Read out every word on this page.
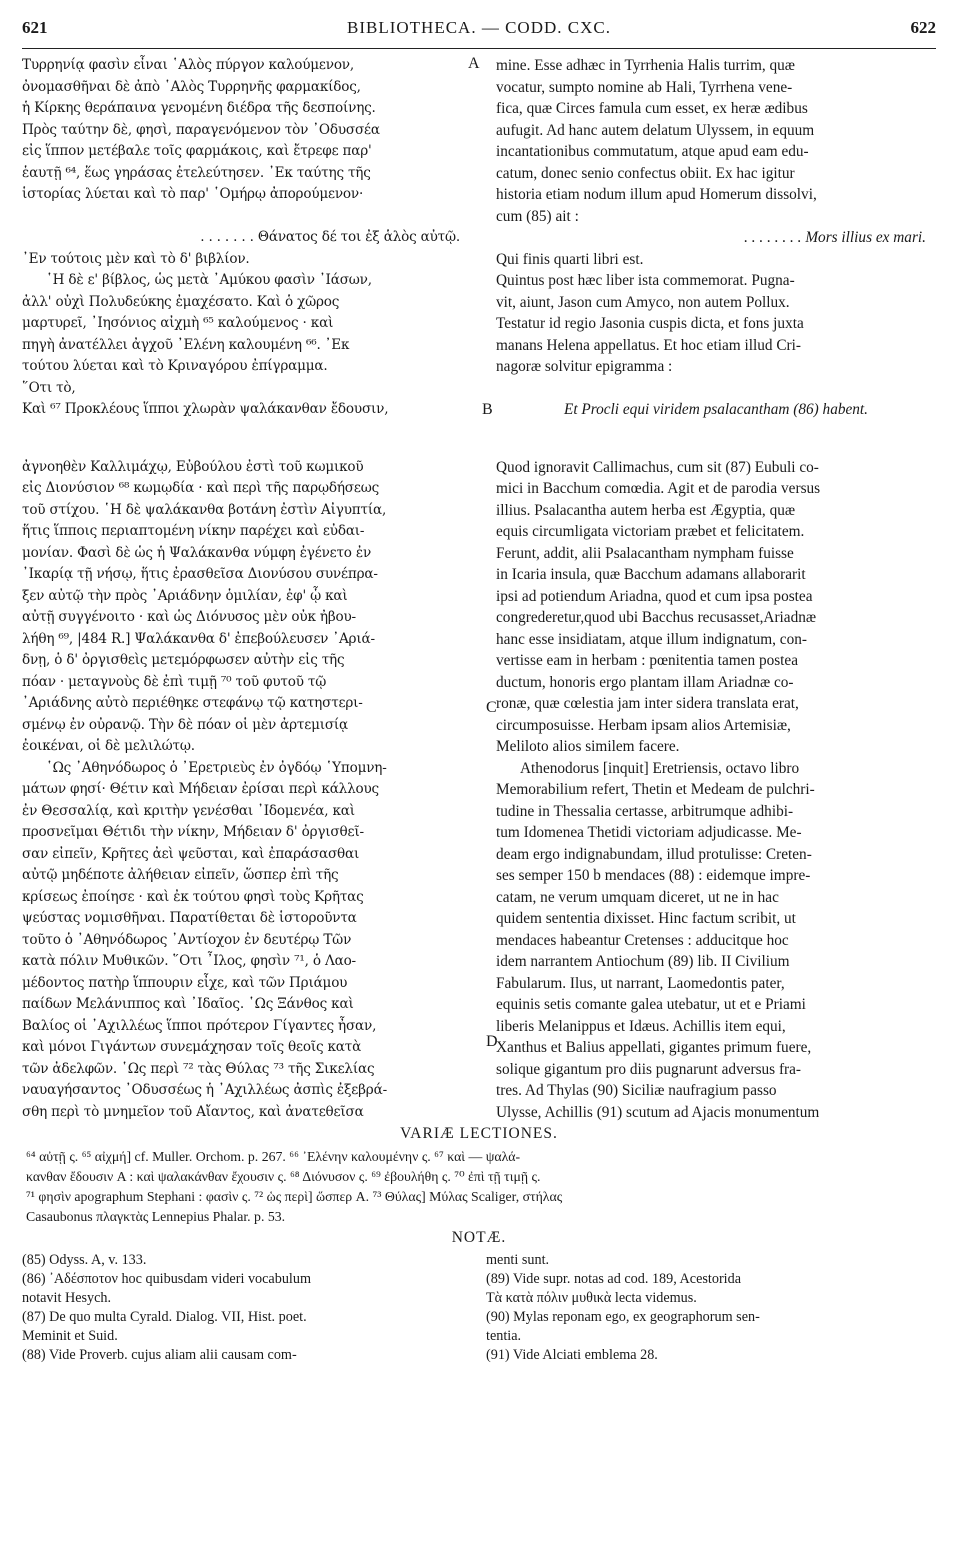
621	BIBLIOTHECA. — CODD. CXC.	622
A
B
Τυρρηνίᾳ φασὶν εἶναι ῾Αλὸς πύργον καλούμενον,
ὀνομασθῆναι δὲ ἀπὸ ῾Αλὸς Τυρρηνῆς φαρμακίδος,
ἡ Κίρκης θεράπαινα γενομένη διέδρα τῆς δεσποίνης.
Πρὸς ταύτην δὲ, φησὶ, παραγενόμενον τὸν ᾿Οδυσσέα
εἰς ἵππον μετέβαλε τοῖς φαρμάκοις, καὶ ἔτρεφε παρ'
ἑαυτῇ ⁶⁴, ἕως γηράσας ἐτελεύτησεν. ᾿Εκ ταύτης τῆς
ἱστορίας λύεται καὶ τὸ παρ' ῾Ομήρῳ ἀπορούμενον·
. . . . . . . Θάνατος δέ τοι ἐξ ἁλὸς αὐτῷ.
᾿Εν τούτοις μὲν καὶ τὸ δ' βιβλίον.
῾Η δὲ ε' βίβλος, ὡς μετὰ ᾿Αμύκου φασὶν ᾿Ιάσων,
ἀλλ' οὐχὶ Πολυδεύκης ἐμαχέσατο. Καὶ ὁ χῶρος
μαρτυρεῖ, ᾿Ιησόνιος αἰχμὴ ⁶⁵ καλούμενος · καὶ
πηγὴ ἀνατέλλει ἀγχοῦ ᾿Ελένη καλουμένη ⁶⁶. ᾿Εκ
τούτου λύεται καὶ τὸ Κριναγόρου ἐπίγραμμα.
῞Οτι τὸ,
Καὶ ⁶⁷ Προκλέους ἵπποι χλωρὰν ψαλάκανθαν ἔδουσιν,
mine. Esse adhæc in Tyrrhenia Halis turrim, quæ
vocatur, sumpto nomine ab Hali, Tyrrhena vene-
fica, quæ Circes famula cum esset, ex heræ ædibus
aufugit. Ad hanc autem delatum Ulyssem, in equum
incantationibus commutatum, atque apud eam edu-
catum, donec senio confectus obiit. Ex hac igitur
historia etiam nodum illum apud Homerum dissolvi,
cum (85) ait :
. . . . . . . . Mors illius ex mari.
Qui finis quarti libri est.
Quintus post hæc liber ista commemorat. Pugna-
vit, aiunt, Jason cum Amyco, non autem Pollux.
Testatur id regio Jasonia cuspis dicta, et fons juxta
manans Helena appellatus. Et hoc etiam illud Cri-
nagoræ solvitur epigramma :
Et Procli equi viridem psalacantham (86) habent.
C
D
ἀγνοηθὲν Καλλιμάχῳ, Εὐβούλου ἐστὶ τοῦ κωμικοῦ
εἰς Διονύσιον ⁶⁸ κωμῳδία · καὶ περὶ τῆς παρῳδήσεως
τοῦ στίχου. ῾Η δὲ ψαλάκανθα βοτάνη ἐστὶν Αἰγυπτία,
ἥτις ἵπποις περιαπτομένη νίκην παρέχει καὶ εὐδαι-
μονίαν. Φασὶ δὲ ὡς ἡ Ψαλάκανθα νύμφη ἐγένετο ἐν
᾿Ικαρίᾳ τῇ νήσῳ, ἥτις ἐρασθεῖσα Διονύσου συνέπρα-
ξεν αὐτῷ τὴν πρὸς ᾿Αριάδνην ὁμιλίαν, ἐφ' ᾧ καὶ
αὐτῇ συγγένοιτο · καὶ ὡς Διόνυσος μὲν οὐκ ἠβου-
λήθη ⁶⁹, |484 R.] Ψαλάκανθα δ' ἐπεβούλευσεν ᾿Αριά-
δνῃ, ὁ δ' ὀργισθεὶς μετεμόρφωσεν αὐτὴν εἰς τῆς
πόαν · μεταγνοὺς δὲ ἐπὶ τιμῇ ⁷⁰ τοῦ φυτοῦ τῷ
᾿Αριάδνης αὐτὸ περιέθηκε στεφάνῳ τῷ κατηστερι-
σμένῳ ἐν οὐρανῷ. Τὴν δὲ πόαν οἱ μὲν ἀρτεμισίᾳ
ἐοικέναι, οἱ δὲ μελιλώτῳ.
῾Ως ᾿Αθηνόδωρος ὁ ᾿Ερετριεὺς ἐν ὀγδόῳ ῾Υπομνη-
μάτων φησί· Θέτιν καὶ Μήδειαν ἐρίσαι περὶ κάλλους
ἐν Θεσσαλίᾳ, καὶ κριτὴν γενέσθαι ᾿Ιδομενέα, καὶ
προσνεῖμαι Θέτιδι τὴν νίκην, Μήδειαν δ' ὀργισθεῖ-
σαν εἰπεῖν, Κρῆτες ἀεὶ ψεῦσται, καὶ ἐπαράσασθαι
αὐτῷ μηδέποτε ἀλήθειαν εἰπεῖν, ὥσπερ ἐπὶ τῆς
κρίσεως ἐποίησε · καὶ ἐκ τούτου φησὶ τοὺς Κρῆτας
ψεύστας νομισθῆναι. Παρατίθεται δὲ ἱστοροῦντα
τοῦτο ὁ ᾿Αθηνόδωρος ᾿Αντίοχον ἐν δευτέρῳ Τῶν
κατὰ πόλιν Μυθικῶν. ῞Οτι ῏Ιλος, φησὶν ⁷¹, ὁ Λαο-
μέδοντος πατὴρ ἵππουριν εἶχε, καὶ τῶν Πριάμου
παίδων Μελάνιππος καὶ ᾿Ιδαῖος. ῾Ως Ξάνθος καὶ
Βαλίος οἱ ᾿Αχιλλέως ἵπποι πρότερον Γίγαντες ἦσαν,
καὶ μόνοι Γιγάντων συνεμάχησαν τοῖς θεοῖς κατὰ
τῶν ἀδελφῶν. ῾Ως περὶ ⁷² τὰς Θύλας ⁷³ τῆς Σικελίας
ναυαγήσαντος ᾿Οδυσσέως ἡ ᾿Αχιλλέως ἀσπὶς ἐξεβρά-
σθη περὶ τὸ μνημεῖον τοῦ Αἴαντος, καὶ ἀνατεθεῖσα
Quod ignoravit Callimachus, cum sit (87) Eubuli co-
mici in Bacchum comœdia. Agit et de parodia versus
illius. Psalacantha autem herba est Ægyptia, quæ
equis circumligata victoriam præbet et felicitatem.
Ferunt, addit, alii Psalacantham nympham fuisse
in Icaria insula, quæ Bacchum adamans allaborarit
ipsi ad potiendum Ariadna, quod et cum ipsa postea
congrederetur,quod ubi Bacchus recusasset,Ariadnæ
hanc esse insidiatam, atque illum indignatum, con-
vertisse eam in herbam : pœnitentia tamen postea
ductum, honoris ergo plantam illam Ariadnæ co-
ronæ, quæ cœlestia jam inter sidera translata erat,
circumposuisse. Herbam ipsam alios Artemisiæ,
Meliloto alios similem facere.
Athenodorus [inquit] Eretriensis, octavo libro
Memorabilium refert, Thetin et Medeam de pulchri-
tudine in Thessalia certasse, arbitrumque adhibi-
tum Idomenea Thetidi victoriam adjudicasse. Me-
deam ergo indignabundam, illud protulisse: Creten-
ses semper 150 b mendaces (88) : eidemque impre-
catam, ne verum umquam diceret, ut ne in hac
quidem sententia dixisset. Hinc factum scribit, ut
mendaces habeantur Cretenses : adducitque hoc
idem narrantem Antiochum (89) lib. II Civilium
Fabularum. Ilus, ut narrant, Laomedontis pater,
equinis setis comante galea utebatur, ut et e Priami
liberis Melanippus et Idæus. Achillis item equi,
Xanthus et Balius appellati, gigantes primum fuere,
solique gigantum pro diis pugnarunt adversus fra-
tres. Ad Thylas (90) Siciliæ naufragium passo
Ulysse, Achillis (91) scutum ad Ajacis monumentum
VARIÆ LECTIONES.
⁶⁴ αὐτῇ ς. ⁶⁵ αἰχμή] cf. Muller. Orchom. p. 267. ⁶⁶ ᾿Ελένην καλουμένην ς. ⁶⁷ καὶ — ψαλά-
κανθαν ἔδουσιν A : καὶ ψαλακάνθαν ἔχουσιν ς. ⁶⁸ Διόνυσον ς. ⁶⁹ ἐβουλήθη ς. ⁷⁰ ἐπὶ τῇ τιμῇ ς.
⁷¹ φησὶν apographum Stephani : φασὶν ς. ⁷² ὡς περὶ] ὥσπερ A. ⁷³ Θύλας] Μύλας Scaliger, στήλας
Casaubonus πλαγκτὰς Lennepius Phalar. p. 53.
NOTÆ.
(85) Odyss. A, v. 133.
(86) ᾿Αδέσποτον hoc quibusdam videri vocabulum
notavit Hesych.
(87) De quo multa Cyrald. Dialog. VII, Hist. poet.
Meminit et Suid.
(88) Vide Proverb. cujus aliam alii causam com-
menti sunt.
(89) Vide supr. notas ad cod. 189, Acestorida
Τὰ κατὰ πόλιν μυθικὰ lecta videmus.
(90) Mylas reponam ego, ex geographorum sen-
tentia.
(91) Vide Alciati emblema 28.
